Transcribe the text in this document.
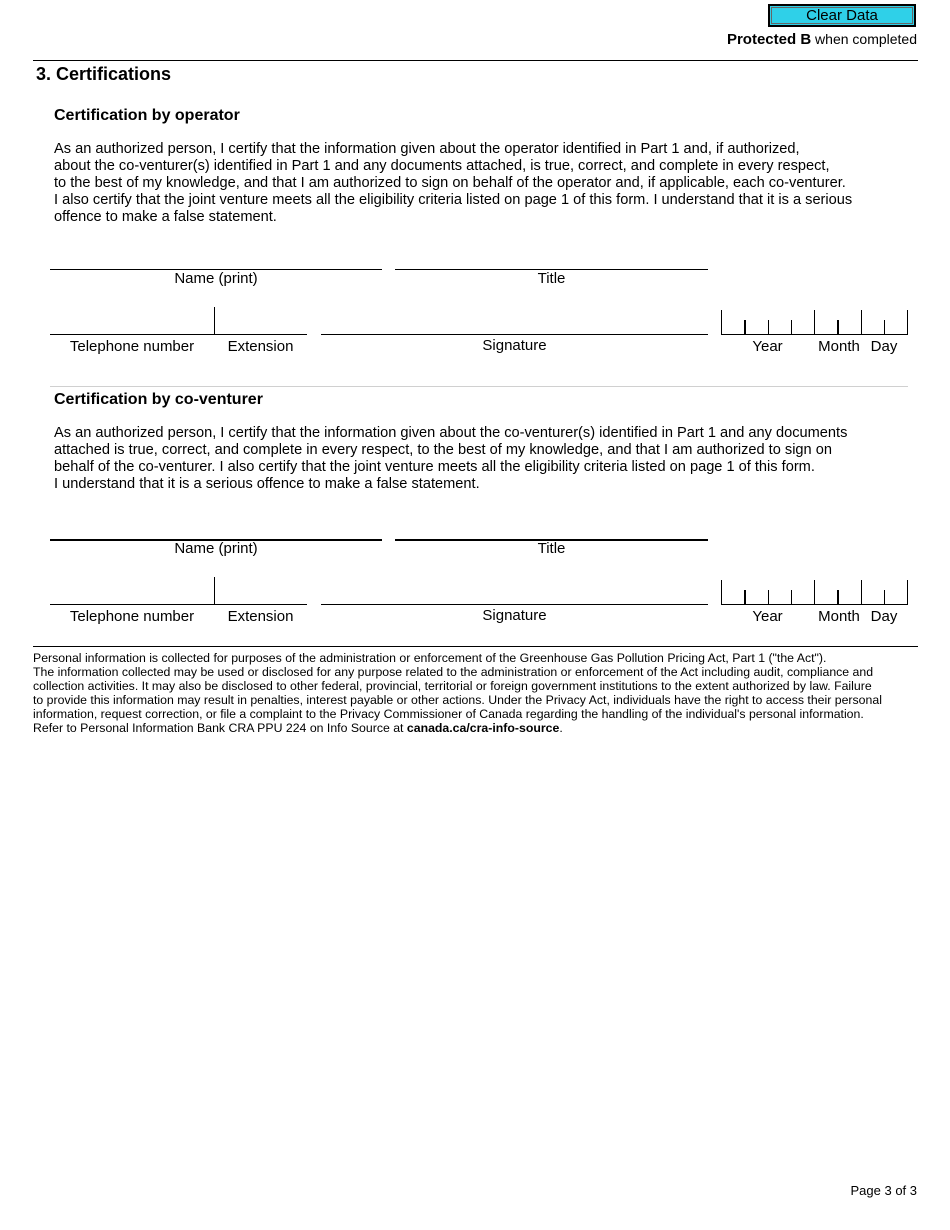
Clear Data
Protected B when completed
3. Certifications
Certification by operator
As an authorized person, I certify that the information given about the operator identified in Part 1 and, if authorized,
about the co-venturer(s) identified in Part 1 and any documents attached, is true, correct, and complete in every respect,
to the best of my knowledge, and that I am authorized to sign on behalf of the operator and, if applicable, each co-venturer.
I also certify that the joint venture meets all the eligibility criteria listed on page 1 of this form. I understand that it is a serious
offence to make a false statement.
Name (print)	Title
Telephone number	Extension	Signature	Year	Month Day
Certification by co-venturer
As an authorized person, I certify that the information given about the co-venturer(s) identified in Part 1 and any documents
attached is true, correct, and complete in every respect, to the best of my knowledge, and that I am authorized to sign on
behalf of the co-venturer. I also certify that the joint venture meets all the eligibility criteria listed on page 1 of this form.
I understand that it is a serious offence to make a false statement.
Name (print)	Title
Telephone number	Extension	Signature	Year	Month Day
Personal information is collected for purposes of the administration or enforcement of the Greenhouse Gas Pollution Pricing Act, Part 1 ("the Act").
The information collected may be used or disclosed for any purpose related to the administration or enforcement of the Act including audit, compliance and
collection activities. It may also be disclosed to other federal, provincial, territorial or foreign government institutions to the extent authorized by law. Failure
to provide this information may result in penalties, interest payable or other actions. Under the Privacy Act, individuals have the right to access their personal
information, request correction, or file a complaint to the Privacy Commissioner of Canada regarding the handling of the individual's personal information.
Refer to Personal Information Bank CRA PPU 224 on Info Source at canada.ca/cra-info-source.
Page 3 of 3
